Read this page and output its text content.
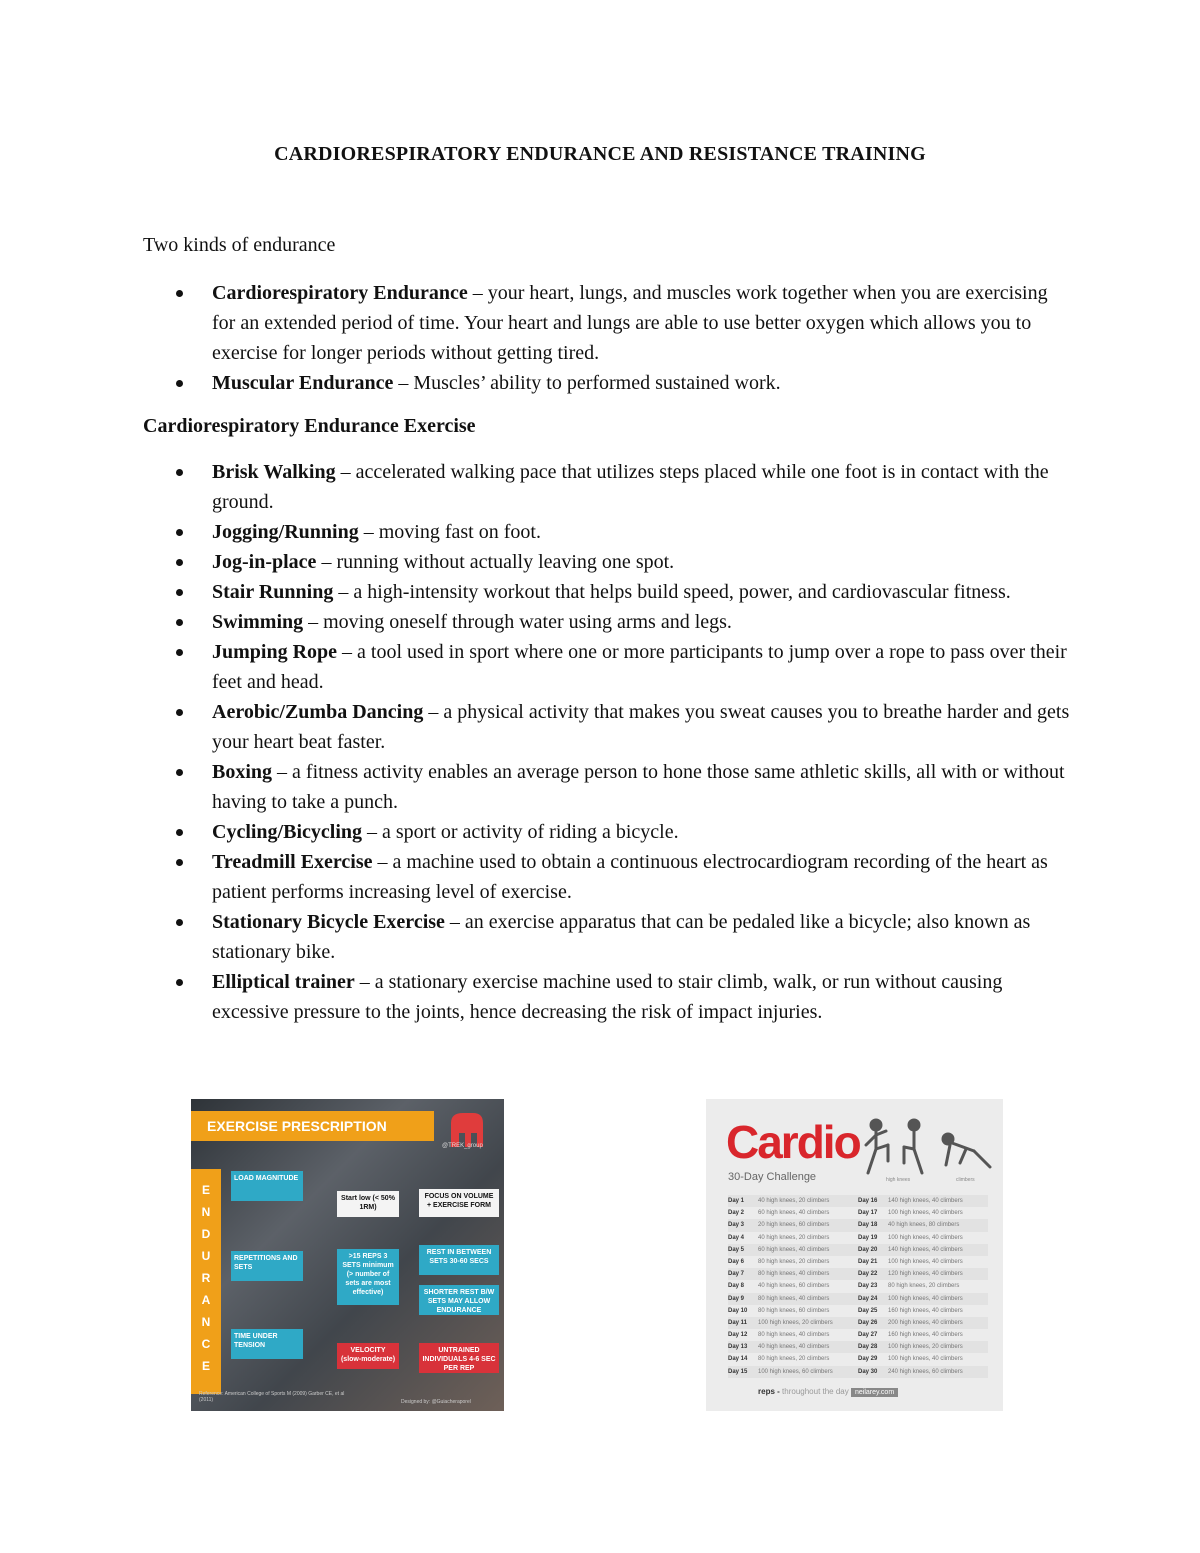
CARDIORESPIRATORY ENDURANCE AND RESISTANCE TRAINING
Two kinds of endurance
Cardiorespiratory Endurance – your heart, lungs, and muscles work together when you are exercising for an extended period of time. Your heart and lungs are able to use better oxygen which allows you to exercise for longer periods without getting tired.
Muscular Endurance – Muscles’ ability to performed sustained work.
Cardiorespiratory Endurance Exercise
Brisk Walking – accelerated walking pace that utilizes steps placed while one foot is in contact with the ground.
Jogging/Running – moving fast on foot.
Jog-in-place – running without actually leaving one spot.
Stair Running – a high-intensity workout that helps build speed, power, and cardiovascular fitness.
Swimming – moving oneself through water using arms and legs.
Jumping Rope – a tool used in sport where one or more participants to jump over a rope to pass over their feet and head.
Aerobic/Zumba Dancing – a physical activity that makes you sweat causes you to breathe harder and gets your heart beat faster.
Boxing – a fitness activity enables an average person to hone those same athletic skills, all with or without having to take a punch.
Cycling/Bicycling – a sport or activity of riding a bicycle.
Treadmill Exercise – a machine used to obtain a continuous electrocardiogram recording of the heart as patient performs increasing level of exercise.
Stationary Bicycle Exercise – an exercise apparatus that can be pedaled like a bicycle; also known as stationary bike.
Elliptical trainer – a stationary exercise machine used to stair climb, walk, or run without causing excessive pressure to the joints, hence decreasing the risk of impact injuries.
EXERCISE PRESCRIPTION
@TREK_group
E
N
D
U
R
A
N
C
E
LOAD MAGNITUDE
Start low (< 50% 1RM)
FOCUS ON VOLUME + EXERCISE FORM
REPETITIONS AND SETS
>15 REPS 3 SETS minimum (> number of sets are most effective)
REST IN BETWEEN SETS 30-60 SECS
SHORTER REST B/W SETS MAY ALLOW ENDURANCE
TIME UNDER TENSION
VELOCITY (slow-moderate)
UNTRAINED INDIVIDUALS 4-6 SEC PER REP
Reference: American College of Sports M (2009) Garber CE, et al (2011)	Designed by: @Guiacheraporel
Cardio
30-Day Challenge	high knees	climbers
Day 1	40 high knees, 20 climbers	Day 16	140 high knees, 40 climbers
Day 2	60 high knees, 40 climbers	Day 17	100 high knees, 40 climbers
Day 3	20 high knees, 60 climbers	Day 18	40 high knees, 80 climbers
Day 4	40 high knees, 20 climbers	Day 19	100 high knees, 40 climbers
Day 5	60 high knees, 40 climbers	Day 20	140 high knees, 40 climbers
Day 6	80 high knees, 20 climbers	Day 21	100 high knees, 40 climbers
Day 7	80 high knees, 40 climbers	Day 22	120 high knees, 40 climbers
Day 8	40 high knees, 60 climbers	Day 23	80 high knees, 20 climbers
Day 9	80 high knees, 40 climbers	Day 24	100 high knees, 40 climbers
Day 10	80 high knees, 60 climbers	Day 25	160 high knees, 40 climbers
Day 11	100 high knees, 20 climbers	Day 26	200 high knees, 40 climbers
Day 12	80 high knees, 40 climbers	Day 27	160 high knees, 40 climbers
Day 13	40 high knees, 40 climbers	Day 28	100 high knees, 20 climbers
Day 14	80 high knees, 20 climbers	Day 29	100 high knees, 40 climbers
Day 15	100 high knees, 60 climbers	Day 30	240 high knees, 60 climbers
reps - throughout the day neilarey.com
